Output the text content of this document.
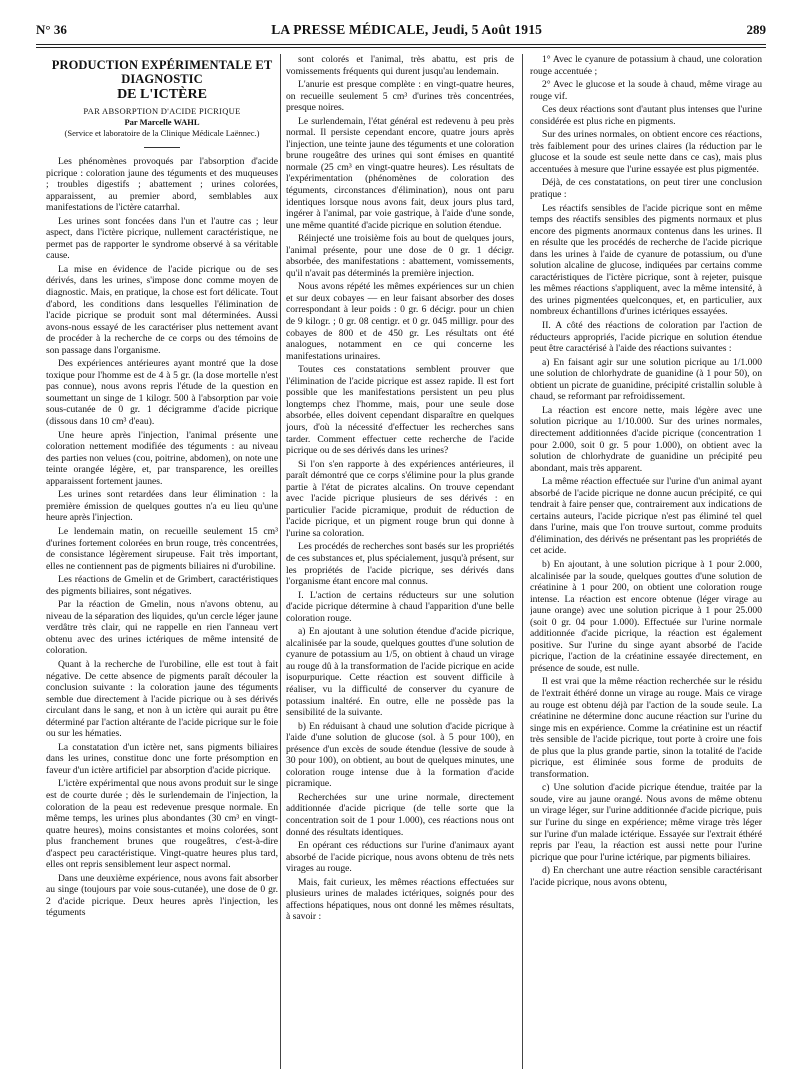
N° 36	LA PRESSE MÉDICALE, Jeudi, 5 Août 1915	289
PRODUCTION EXPÉRIMENTALE ET DIAGNOSTIC
DE L'ICTÈRE
PAR ABSORPTION D'ACIDE PICRIQUE
Par Marcelle WAHL
(Service et laboratoire de la Clinique Médicale Laënnec.)

Les phénomènes provoqués par l'absorption d'acide picrique : coloration jaune des téguments et des muqueuses ; troubles digestifs ; abattement ; urines colorées, apparaissent, au premier abord, semblables aux manifestations de l'ictère catarrhal.

Les urines sont foncées dans l'un et l'autre cas ; leur aspect, dans l'ictère picrique, nullement caractéristique, ne permet pas de rapporter le syndrome observé à sa véritable cause.

La mise en évidence de l'acide picrique ou de ses dérivés, dans les urines, s'impose donc comme moyen de diagnostic. Mais, en pratique, la chose est fort délicate. Tout d'abord, les conditions dans lesquelles l'élimination de l'acide picrique se produit sont mal déterminées. Aussi avons-nous essayé de les caractériser plus nettement avant de procéder à la recherche de ce corps ou des témoins de son passage dans l'organisme.

Des expériences antérieures ayant montré que la dose toxique pour l'homme est de 4 à 5 gr. (la dose mortelle n'est pas connue), nous avons repris l'étude de la question en soumettant un singe de 1 kilogr. 500 à l'absorption par voie sous-cutanée de 0 gr. 1 décigramme d'acide picrique (dissous dans 10 cm³ d'eau).

Une heure après l'injection, l'animal présente une coloration nettement modifiée des téguments : au niveau des parties non velues (cou, poitrine, abdomen), on note une teinte orangée légère, et, par transparence, les oreilles apparaissent fortement jaunes.

Les urines sont retardées dans leur élimination : la première émission de quelques gouttes n'a eu lieu qu'une heure après l'injection.

Le lendemain matin, on recueille seulement 15 cm³ d'urines fortement colorées en brun rouge, très concentrées, de consistance légèrement sirupeuse. Fait très important, elles ne contiennent pas de pigments biliaires ni d'urobiline.

Les réactions de Gmelin et de Grimbert, caractéristiques des pigments biliaires, sont négatives.

Par la réaction de Gmelin, nous n'avons obtenu, au niveau de la séparation des liquides, qu'un cercle léger jaune verdâtre très clair, qui ne rappelle en rien l'anneau vert obtenu avec des urines ictériques de même intensité de coloration.

Quant à la recherche de l'urobiline, elle est tout à fait négative. De cette absence de pigments paraît découler la conclusion suivante : la coloration jaune des téguments semble due directement à l'acide picrique ou à ses dérivés circulant dans le sang, et non à un ictère qui aurait pu être déterminé par l'action altérante de l'acide picrique sur le foie ou sur les hématies.

La constatation d'un ictère net, sans pigments biliaires dans les urines, constitue donc une forte présomption en faveur d'un ictère artificiel par absorption d'acide picrique.

L'ictère expérimental que nous avons produit sur le singe est de courte durée ; dès le surlendemain de l'injection, la coloration de la peau est redevenue presque normale. En même temps, les urines plus abondantes (30 cm³ en vingt-quatre heures), moins consistantes et moins colorées, sont plus franchement brunes que rougeâtres, c'est-à-dire d'aspect peu caractéristique. Vingt-quatre heures plus tard, elles ont repris sensiblement leur aspect normal.

Dans une deuxième expérience, nous avons fait absorber au singe (toujours par voie sous-cutanée), une dose de 0 gr. 2 d'acide picrique. Deux heures après l'injection, les téguments

sont colorés et l'animal, très abattu, est pris de vomissements fréquents qui durent jusqu'au lendemain.

L'anurie est presque complète : en vingt-quatre heures, on recueille seulement 5 cm³ d'urines très concentrées, presque noires.

Le surlendemain, l'état général est redevenu à peu près normal. Il persiste cependant encore, quatre jours après l'injection, une teinte jaune des téguments et une coloration brune rougeâtre des urines qui sont émises en quantité normale (25 cm³ en vingt-quatre heures). Les résultats de l'expérimentation (phénomènes de coloration des téguments, circonstances d'élimination), nous ont paru identiques lorsque nous avons fait, deux jours plus tard, ingérer à l'animal, par voie gastrique, à l'aide d'une sonde, une même quantité d'acide picrique en solution étendue.

Réinjecté une troisième fois au bout de quelques jours, l'animal présente, pour une dose de 0 gr. 1 décigr. absorbée, des manifestations : abattement, vomissements, qu'il n'avait pas déterminés la première injection.

Nous avons répété les mêmes expériences sur un chien et sur deux cobayes — en leur faisant absorber des doses correspondant à leur poids : 0 gr. 6 décigr. pour un chien de 9 kilogr. ; 0 gr. 08 centigr. et 0 gr. 045 milligr. pour des cobayes de 800 et de 450 gr. Les résultats ont été analogues, notamment en ce qui concerne les manifestations urinaires.

Toutes ces constatations semblent prouver que l'élimination de l'acide picrique est assez rapide. Il est fort possible que les manifestations persistent un peu plus longtemps chez l'homme, mais, pour une seule dose absorbée, elles doivent cependant disparaître en quelques jours, d'où la nécessité d'effectuer les recherches sans tarder. Comment effectuer cette recherche de l'acide picrique ou de ses dérivés dans les urines?

Si l'on s'en rapporte à des expériences antérieures, il paraît démontré que ce corps s'élimine pour la plus grande partie à l'état de picrates alcalins. On trouve cependant avec l'acide picrique plusieurs de ses dérivés : en particulier l'acide picramique, produit de réduction de l'acide picrique, et un pigment rouge brun qui donne à l'urine sa coloration.

Les procédés de recherches sont basés sur les propriétés de ces substances et, plus spécialement, jusqu'à présent, sur les propriétés de l'acide picrique, ses dérivés dans l'organisme étant encore mal connus.

I. L'action de certains réducteurs sur une solution d'acide picrique détermine à chaud l'apparition d'une belle coloration rouge.

a) En ajoutant à une solution étendue d'acide picrique, alcalinisée par la soude, quelques gouttes d'une solution de cyanure de potassium au 1/5, on obtient à chaud un virage au rouge dû à la transformation de l'acide picrique en acide isopurpurique. Cette réaction est souvent difficile à réaliser, vu la difficulté de conserver du cyanure de potassium inaltéré. En outre, elle ne possède pas la sensibilité de la suivante.

b) En réduisant à chaud une solution d'acide picrique à l'aide d'une solution de glucose (sol. à 5 pour 100), en présence d'un excès de soude étendue (lessive de soude à 30 pour 100), on obtient, au bout de quelques minutes, une coloration rouge intense due à la formation d'acide picramique.

Recherchées sur une urine normale, directement additionnée d'acide picrique (de telle sorte que la concentration soit de 1 pour 1.000), ces réactions nous ont donné des résultats identiques.

En opérant ces réductions sur l'urine d'animaux ayant absorbé de l'acide picrique, nous avons obtenu de très nets virages au rouge.

Mais, fait curieux, les mêmes réactions effectuées sur plusieurs urines de malades ictériques, soignés pour des affections hépatiques, nous ont donné les mêmes résultats, à savoir :

1° Avec le cyanure de potassium à chaud, une coloration rouge accentuée ;

2° Avec le glucose et la soude à chaud, même virage au rouge vif.

Ces deux réactions sont d'autant plus intenses que l'urine considérée est plus riche en pigments.

Sur des urines normales, on obtient encore ces réactions, très faiblement pour des urines claires (la réduction par le glucose et la soude est seule nette dans ce cas), mais plus accentuées à mesure que l'urine essayée est plus pigmentée.

Déjà, de ces constatations, on peut tirer une conclusion pratique :

Les réactifs sensibles de l'acide picrique sont en même temps des réactifs sensibles des pigments normaux et plus encore des pigments anormaux contenus dans les urines. Il en résulte que les procédés de recherche de l'acide picrique dans les urines à l'aide de cyanure de potassium, ou d'une solution alcaline de glucose, indiquées par certains comme caractéristiques de l'ictère picrique, sont à rejeter, puisque les mêmes réactions s'appliquent, avec la même intensité, à des urines pigmentées quelconques, et, en particulier, aux nombreux échantillons d'urines ictériques essayées.

II. A côté des réactions de coloration par l'action de réducteurs appropriés, l'acide picrique en solution étendue peut être caractérisé à l'aide des réactions suivantes :

a) En faisant agir sur une solution picrique au 1/1.000 une solution de chlorhydrate de guanidine (à 1 pour 50), on obtient un picrate de guanidine, précipité cristallin soluble à chaud, se reformant par refroidissement.

La réaction est encore nette, mais légère avec une solution picrique au 1/10.000. Sur des urines normales, directement additionnées d'acide picrique (concentration 1 pour 2.000, soit 0 gr. 5 pour 1.000), on obtient avec la solution de chlorhydrate de guanidine un précipité peu abondant, mais très apparent.

La même réaction effectuée sur l'urine d'un animal ayant absorbé de l'acide picrique ne donne aucun précipité, ce qui tendrait à faire penser que, contrairement aux indications de certains auteurs, l'acide picrique n'est pas éliminé tel quel dans l'urine, mais que l'on trouve surtout, comme produits d'élimination, des dérivés ne présentant pas les propriétés de cet acide.

b) En ajoutant, à une solution picrique à 1 pour 2.000, alcalinisée par la soude, quelques gouttes d'une solution de créatinine à 1 pour 200, on obtient une coloration rouge intense. La réaction est encore obtenue (léger virage au jaune orange) avec une solution picrique à 1 pour 25.000 (soit 0 gr. 04 pour 1.000). Effectuée sur l'urine normale additionnée d'acide picrique, la réaction est également positive. Sur l'urine du singe ayant absorbé de l'acide picrique, l'action de la créatinine essayée directement, en présence de soude, est nulle.

Il est vrai que la même réaction recherchée sur le résidu de l'extrait éthéré donne un virage au rouge. Mais ce virage au rouge est obtenu déjà par l'action de la soude seule. La créatinine ne détermine donc aucune réaction sur l'urine du singe mis en expérience. Comme la créatinine est un réactif très sensible de l'acide picrique, tout porte à croire une fois de plus que la plus grande partie, sinon la totalité de l'acide picrique, est éliminée sous forme de produits de transformation.

c) Une solution d'acide picrique étendue, traitée par la soude, vire au jaune orangé. Nous avons de même obtenu un virage léger, sur l'urine additionnée d'acide picrique, puis sur l'urine du singe en expérience; même virage très léger sur l'urine d'un malade ictérique. Essayée sur l'extrait éthéré repris par l'eau, la réaction est aussi nette pour l'urine picrique que pour l'urine ictérique, par pigments biliaires.

d) En cherchant une autre réaction sensible caractérisant l'acide picrique, nous avons obtenu,
